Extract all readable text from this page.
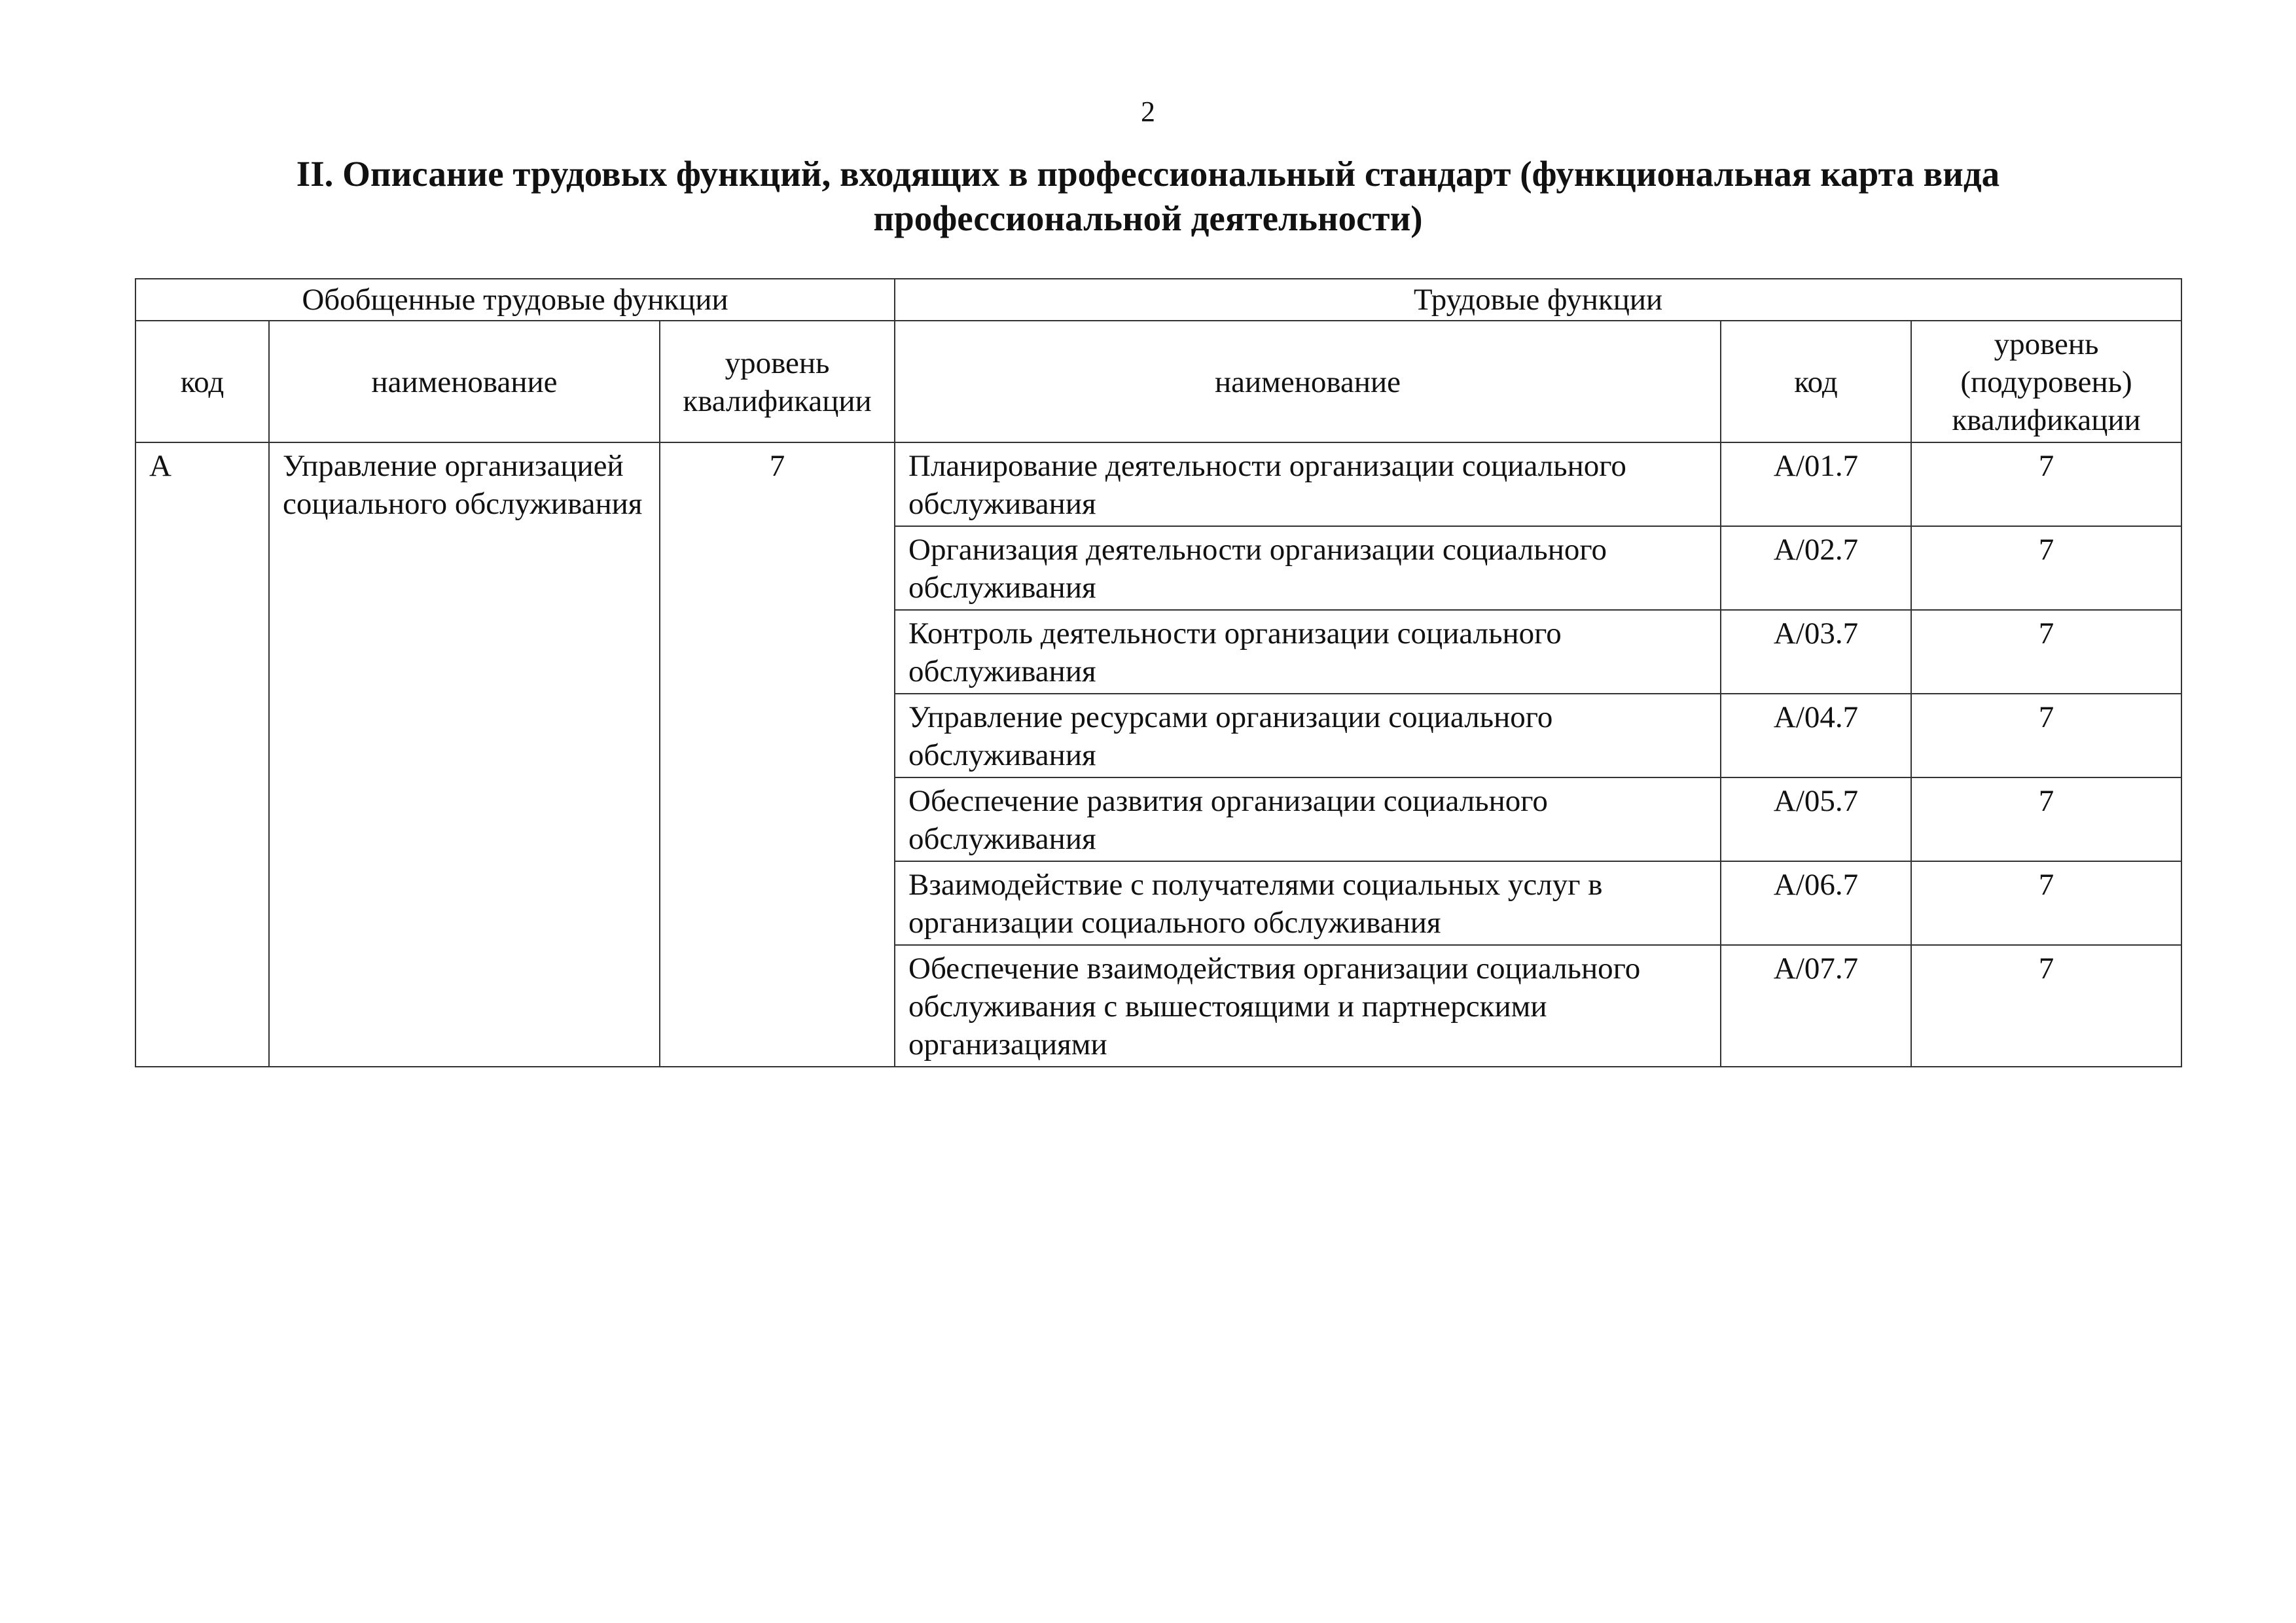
2
II. Описание трудовых функций, входящих в профессиональный стандарт (функциональная карта вида профессиональной деятельности)
Обобщенные трудовые функции			Трудовые функции		
код	наименование	уровень квалификации	наименование	код	уровень (подуровень) квалификации
A	Управление организацией социального обслуживания	7	Планирование деятельности организации социального обслуживания	A/01.7	7
			Организация деятельности организации социального обслуживания	A/02.7	7
			Контроль деятельности организации социального обслуживания	A/03.7	7
			Управление ресурсами организации социального обслуживания	A/04.7	7
			Обеспечение развития организации социального обслуживания	A/05.7	7
			Взаимодействие с получателями социальных услуг в организации социального обслуживания	A/06.7	7
			Обеспечение взаимодействия организации социального обслуживания с вышестоящими и партнерскими организациями	A/07.7	7
